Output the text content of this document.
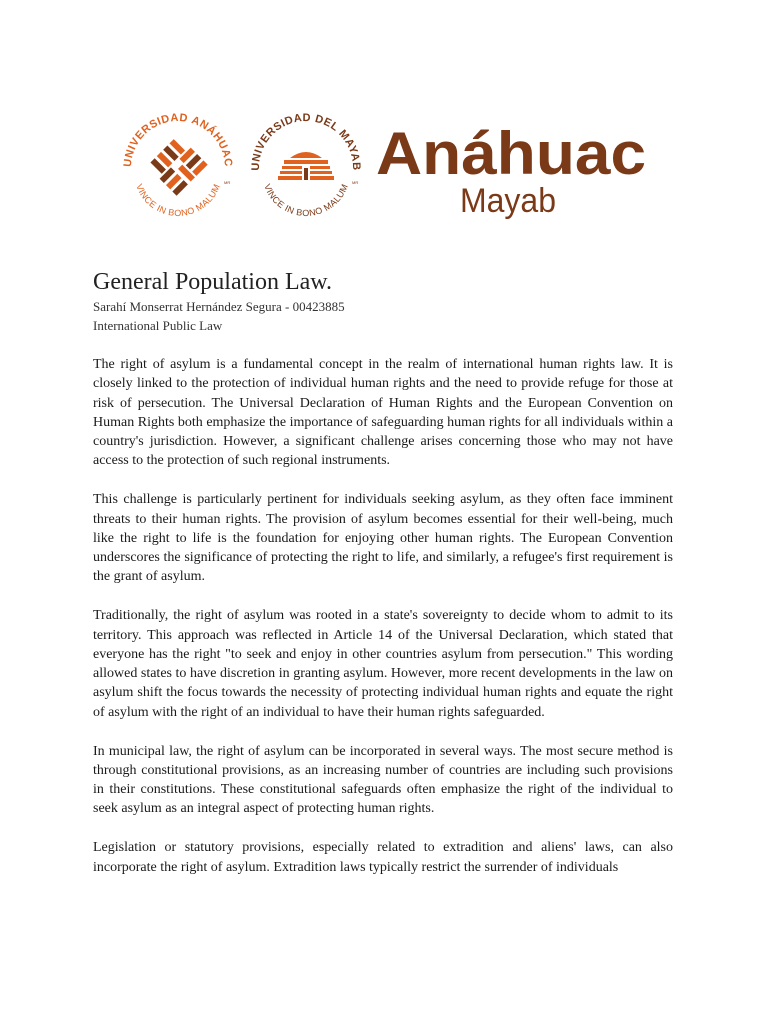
UNIVERSIDAD ANÁHUAC
VINCE IN BONO MALUM MR
UNIVERSIDAD DEL MAYAB
VINCE IN BONO MALUM MR Anáhuac
Mayab
General Population Law.
Sarahí Monserrat Hernández Segura - 00423885
International Public Law

The right of asylum is a fundamental concept in the realm of international human rights law. It is closely linked to the protection of individual human rights and the need to provide refuge for those at risk of persecution. The Universal Declaration of Human Rights and the European Convention on Human Rights both emphasize the importance of safeguarding human rights for all individuals within a country's jurisdiction. However, a significant challenge arises concerning those who may not have access to the protection of such regional instruments.

This challenge is particularly pertinent for individuals seeking asylum, as they often face imminent threats to their human rights. The provision of asylum becomes essential for their well-being, much like the right to life is the foundation for enjoying other human rights. The European Convention underscores the significance of protecting the right to life, and similarly, a refugee's first requirement is the grant of asylum.

Traditionally, the right of asylum was rooted in a state's sovereignty to decide whom to admit to its territory. This approach was reflected in Article 14 of the Universal Declaration, which stated that everyone has the right "to seek and enjoy in other countries asylum from persecution." This wording allowed states to have discretion in granting asylum. However, more recent developments in the law on asylum shift the focus towards the necessity of protecting individual human rights and equate the right of asylum with the right of an individual to have their human rights safeguarded.

In municipal law, the right of asylum can be incorporated in several ways. The most secure method is through constitutional provisions, as an increasing number of countries are including such provisions in their constitutions. These constitutional safeguards often emphasize the right of the individual to seek asylum as an integral aspect of protecting human rights.

Legislation or statutory provisions, especially related to extradition and aliens' laws, can also incorporate the right of asylum. Extradition laws typically restrict the surrender of individuals
